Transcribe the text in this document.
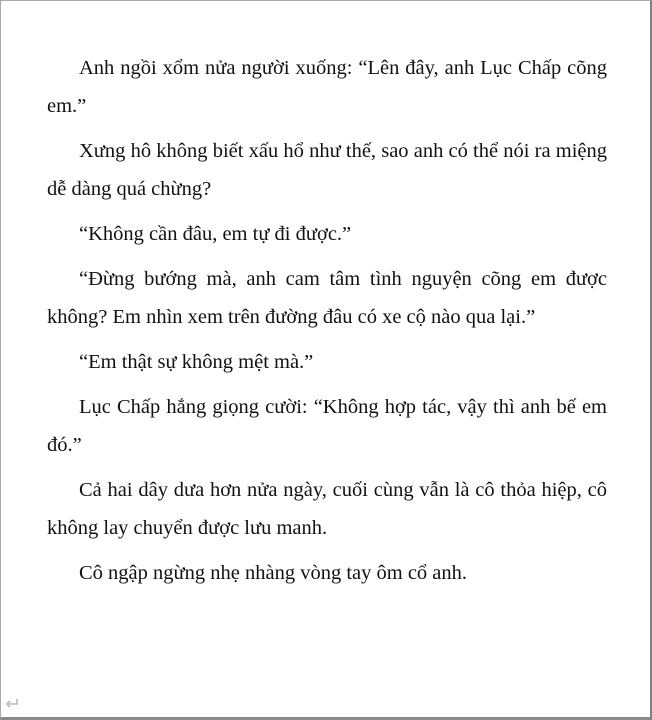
Anh ngồi xổm nửa người xuống: “Lên đây, anh Lục Chấp cõng em.”

Xưng hô không biết xấu hổ như thế, sao anh có thể nói ra miệng dễ dàng quá chừng?

“Không cần đâu, em tự đi được.”

“Đừng bướng mà, anh cam tâm tình nguyện cõng em được không? Em nhìn xem trên đường đâu có xe cộ nào qua lại.”

“Em thật sự không mệt mà.”

Lục Chấp hắng giọng cười: “Không hợp tác, vậy thì anh bế em đó.”

Cả hai dây dưa hơn nửa ngày, cuối cùng vẫn là cô thỏa hiệp, cô không lay chuyển được lưu manh.

Cô ngập ngừng nhẹ nhàng vòng tay ôm cổ anh.
